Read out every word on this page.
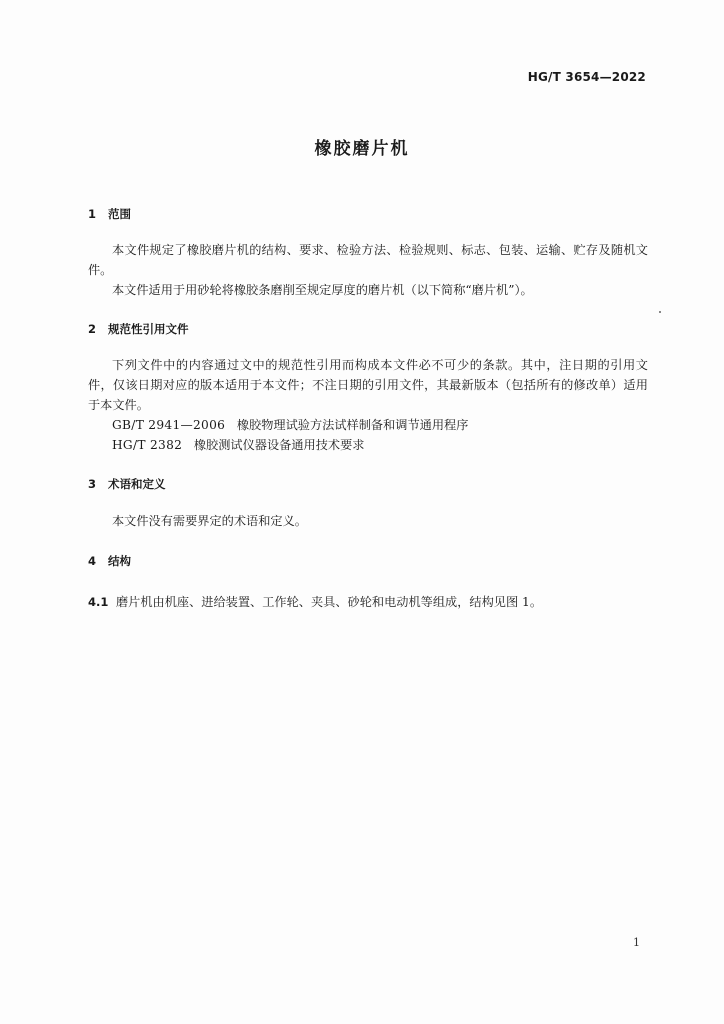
HG/T 3654—2022
橡胶磨片机
1 范围

本文件规定了橡胶磨片机的结构、要求、检验方法、检验规则、标志、包装、运输、贮存及随机文件。

本文件适用于用砂轮将橡胶条磨削至规定厚度的磨片机（以下简称“磨片机”）。

2 规范性引用文件

下列文件中的内容通过文中的规范性引用而构成本文件必不可少的条款。其中，注日期的引用文件，仅该日期对应的版本适用于本文件；不注日期的引用文件，其最新版本（包括所有的修改单）适用于本文件。

GB/T 2941—2006 橡胶物理试验方法试样制备和调节通用程序
HG/T 2382 橡胶测试仪器设备通用技术要求
3 术语和定义

本文件没有需要界定的术语和定义。

4 结构
4.1 磨片机由机座、进给装置、工作轮、夹具、砂轮和电动机等组成，结构见图 1。
1
